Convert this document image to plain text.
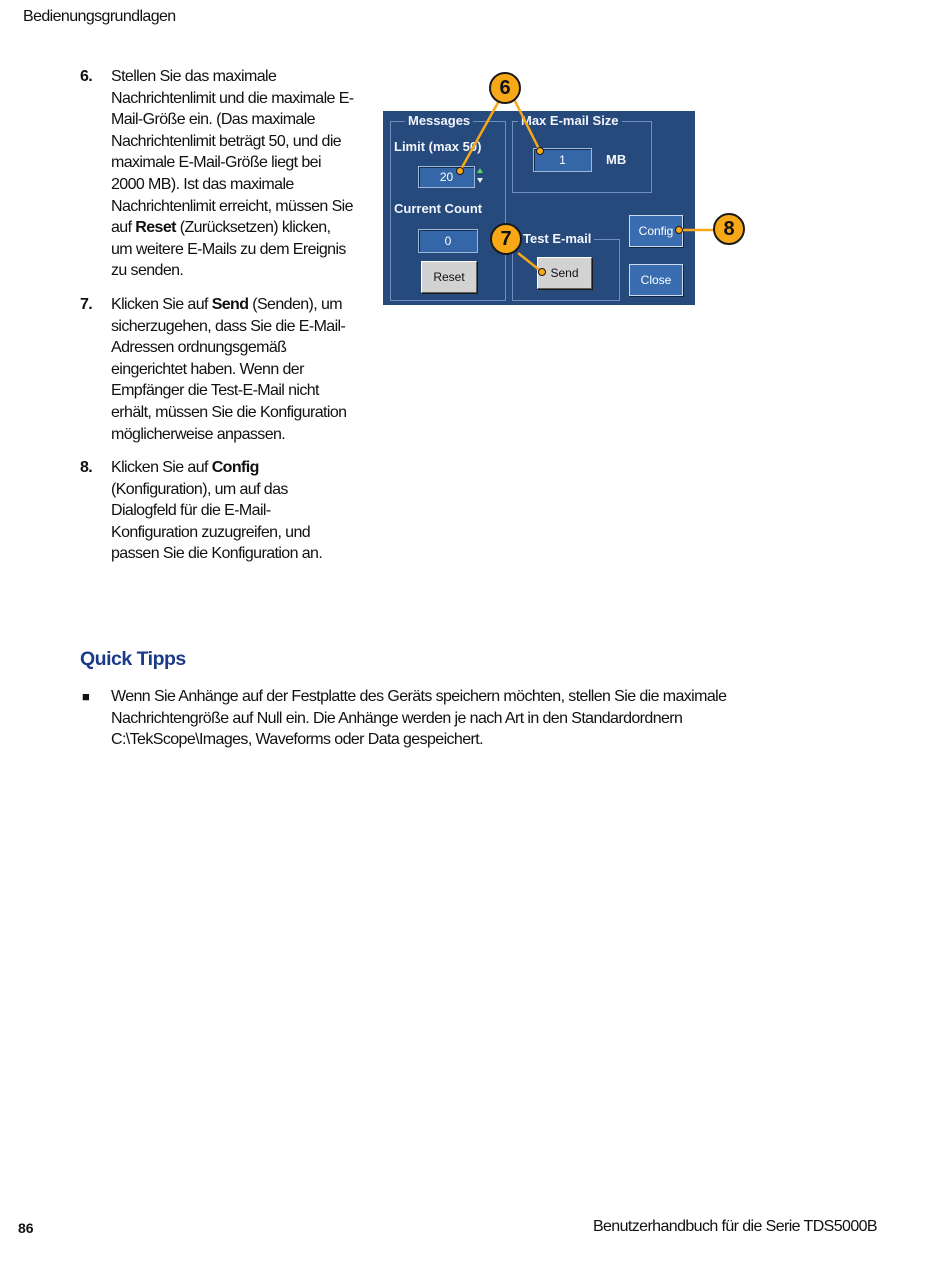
Bedienungsgrundlagen
6. Stellen Sie das maximale Nachrichtenlimit und die maximale E-Mail-Größe ein. (Das maximale Nachrichtenlimit beträgt 50, und die maximale E-Mail-Größe liegt bei 2000 MB). Ist das maximale Nachrichtenlimit erreicht, müssen Sie auf Reset (Zurücksetzen) klicken, um weitere E-Mails zu dem Ereignis zu senden.
7. Klicken Sie auf Send (Senden), um sicherzugehen, dass Sie die E-Mail-Adressen ordnungsgemäß eingerichtet haben. Wenn der Empfänger die Test-E-Mail nicht erhält, müssen Sie die Konfiguration möglicherweise anpassen.
8. Klicken Sie auf Config (Konfiguration), um auf das Dialogfeld für die E-Mail-Konfiguration zuzugreifen, und passen Sie die Konfiguration an.
Messages
Limit (max 50)
20
Current Count
0
Reset
Max E-mail Size
1	MB
Test E-mail
Send
Config
Close
6
7	8
Quick Tipps
■ Wenn Sie Anhänge auf der Festplatte des Geräts speichern möchten, stellen Sie die maximale Nachrichtengröße auf Null ein. Die Anhänge werden je nach Art in den Standardordnern C:\TekScope\Images, Waveforms oder Data gespeichert.
86	Benutzerhandbuch für die Serie TDS5000B
